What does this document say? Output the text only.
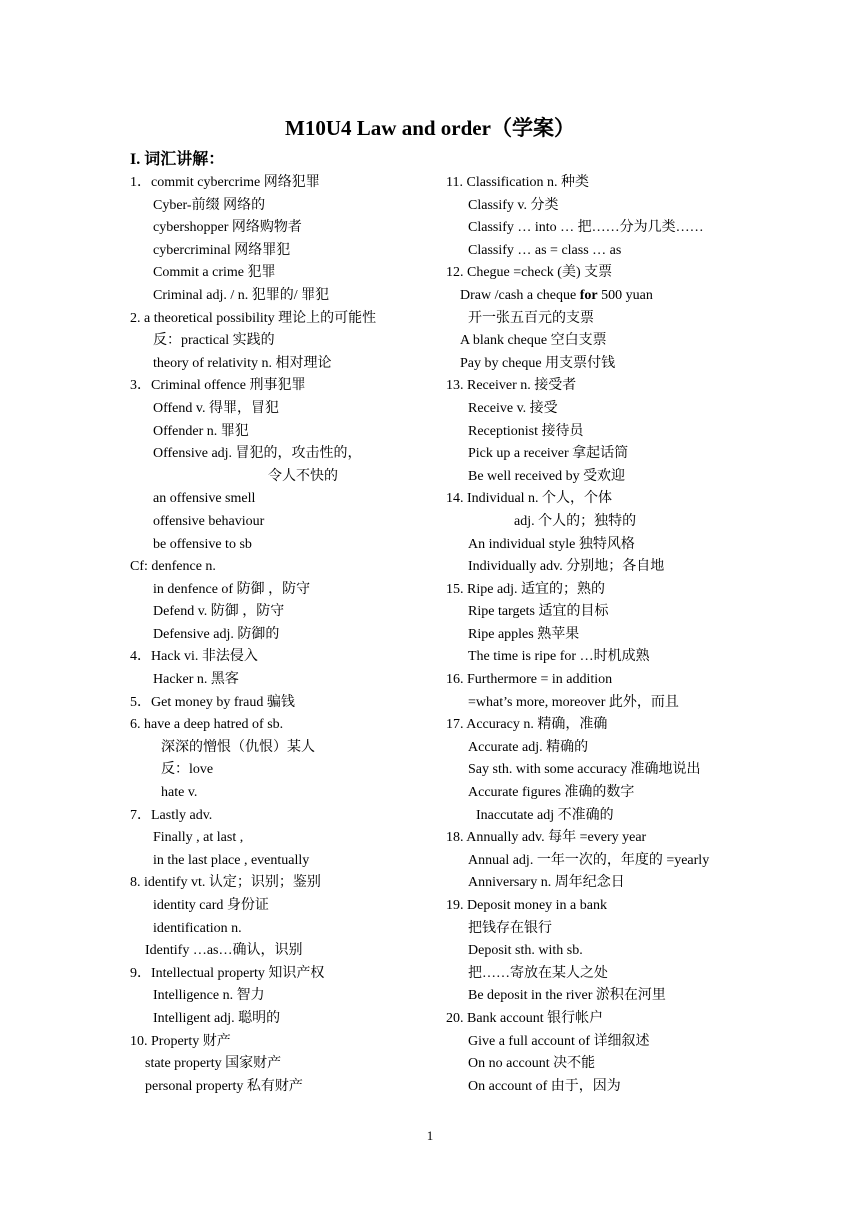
M10U4 Law and order（学案）
I. 词汇讲解：
1．commit cybercrime 网络犯罪
Cyber-前缀 网络的
cybershopper 网络购物者
cybercriminal 网络罪犯
Commit a crime 犯罪
Criminal adj. / n. 犯罪的/ 罪犯
2. a theoretical possibility 理论上的可能性
反：practical 实践的
theory of relativity n. 相对理论
3．Criminal offence 刑事犯罪
Offend v. 得罪，冒犯
Offender n. 罪犯
Offensive adj. 冒犯的，攻击性的，
令人不快的
an offensive smell
offensive behaviour
be offensive to sb
Cf: denfence n.
in denfence of 防御 ，防守
Defend v. 防御 ，防守
Defensive adj. 防御的
4．Hack vi. 非法侵入
Hacker n. 黑客
5．Get money by fraud 骗钱
6. have a deep hatred of sb.
深深的憎恨（仇恨）某人
反：love
hate v.
7．Lastly adv.
Finally , at last ,
in the last place , eventually
8. identify vt. 认定；识别；鉴别
identity card 身份证
identification n.
Identify …as…确认，识别
9．Intellectual property 知识产权
Intelligence n. 智力
Intelligent adj. 聪明的
10. Property 财产
state property 国家财产
personal property 私有财产
11. Classification n. 种类
Classify v. 分类
Classify … into … 把……分为几类……
Classify … as = class … as
12. Chegue =check (美) 支票
Draw /cash a cheque for 500 yuan
开一张五百元的支票
A blank cheque 空白支票
Pay by cheque 用支票付钱
13. Receiver n. 接受者
Receive v. 接受
Receptionist 接待员
Pick up a receiver 拿起话筒
Be well received by 受欢迎
14. Individual n. 个人，个体
adj. 个人的；独特的
An individual style 独特风格
Individually adv. 分别地；各自地
15. Ripe adj. 适宜的；熟的
Ripe targets 适宜的目标
Ripe apples 熟苹果
The time is ripe for …时机成熟
16. Furthermore = in addition
=what’s more, moreover 此外，而且
17. Accuracy n. 精确，准确
Accurate adj. 精确的
Say sth. with some accuracy 准确地说出
Accurate figures 准确的数字
Inaccutate adj 不准确的
18. Annually adv. 每年 =every year
Annual adj. 一年一次的，年度的 =yearly
Anniversary n. 周年纪念日
19. Deposit money in a bank
把钱存在银行
Deposit sth. with sb.
把……寄放在某人之处
Be deposit in the river 淤积在河里
20. Bank account 银行帐户
Give a full account of 详细叙述
On no account 决不能
On account of 由于，因为
1
